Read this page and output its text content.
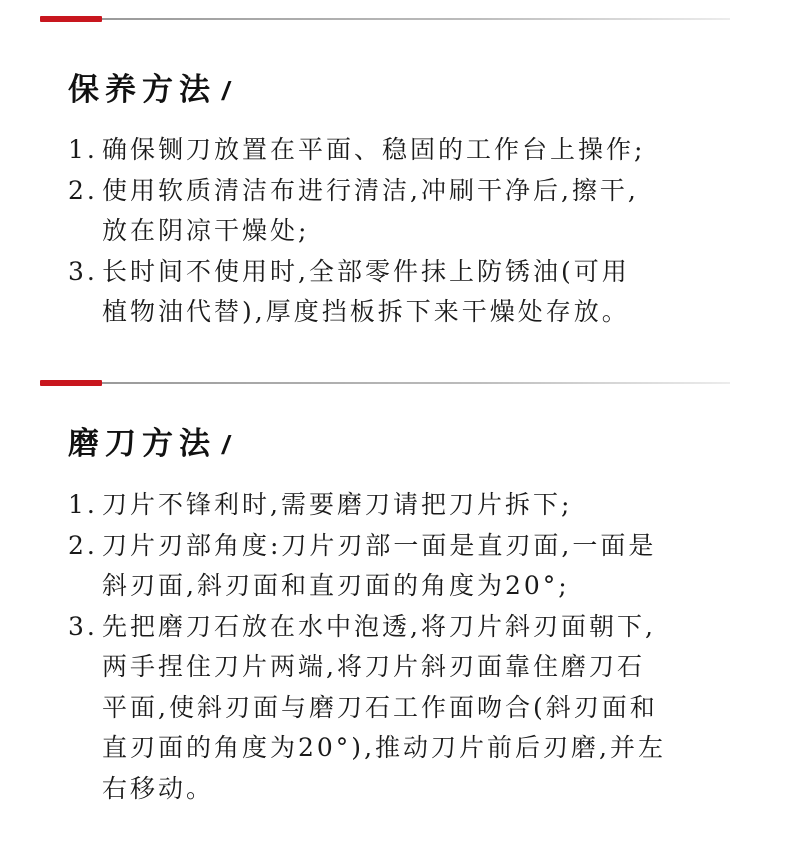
保养方法 /
1. 确保铡刀放置在平面、稳固的工作台上操作;
2. 使用软质清洁布进行清洁,冲刷干净后,擦干,
放在阴凉干燥处;
3. 长时间不使用时,全部零件抹上防锈油(可用
植物油代替),厚度挡板拆下来干燥处存放。
磨刀方法 /
1. 刀片不锋利时,需要磨刀请把刀片拆下;
2. 刀片刃部角度:刀片刃部一面是直刃面,一面是
斜刃面,斜刃面和直刃面的角度为20°;
3. 先把磨刀石放在水中泡透,将刀片斜刃面朝下,
两手捏住刀片两端,将刀片斜刃面靠住磨刀石
平面,使斜刃面与磨刀石工作面吻合(斜刃面和
直刃面的角度为20°),推动刀片前后刃磨,并左
右移动。
